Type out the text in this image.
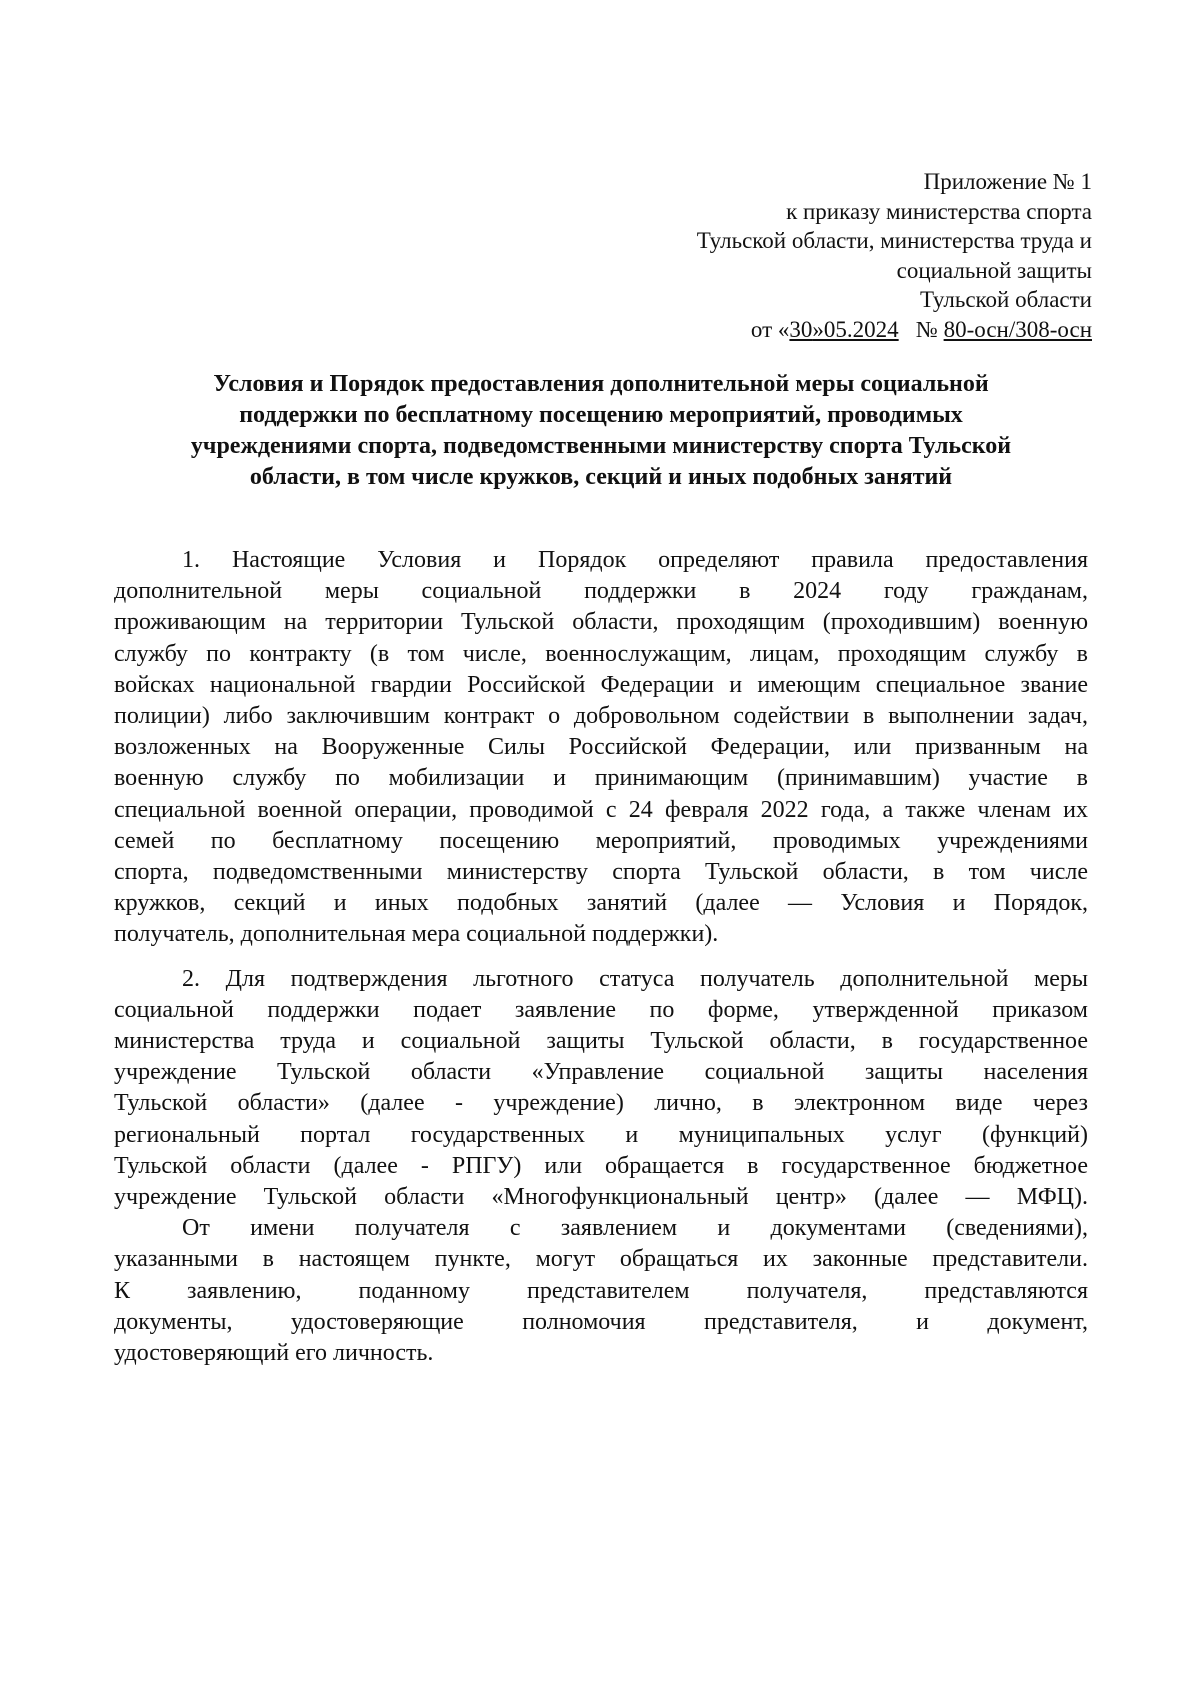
Приложение № 1
к приказу министерства спорта
Тульской области, министерства труда и
социальной защиты
Тульской области
от «30»05.2024 № 80-осн/308-осн
Условия и Порядок предоставления дополнительной меры социальной
поддержки по бесплатному посещению мероприятий, проводимых
учреждениями спорта, подведомственными министерству спорта Тульской
области, в том числе кружков, секций и иных подобных занятий

1. Настоящие Условия и Порядок определяют правила предоставления
дополнительной меры социальной поддержки в 2024 году гражданам,
проживающим на территории Тульской области, проходящим (проходившим) военную
службу по контракту (в том числе, военнослужащим, лицам, проходящим службу в
войсках национальной гвардии Российской Федерации и имеющим специальное звание
полиции) либо заключившим контракт о добровольном содействии в выполнении задач,
возложенных на Вооруженные Силы Российской Федерации, или призванным на
военную службу по мобилизации и принимающим (принимавшим) участие в
специальной военной операции, проводимой с 24 февраля 2022 года, а также членам их
семей по бесплатному посещению мероприятий, проводимых учреждениями
спорта, подведомственными министерству спорта Тульской области, в том числе
кружков, секций и иных подобных занятий (далее — Условия и Порядок,
получатель, дополнительная мера социальной поддержки).

2. Для подтверждения льготного статуса получатель дополнительной меры
социальной поддержки подает заявление по форме, утвержденной приказом
министерства труда и социальной защиты Тульской области, в государственное
учреждение Тульской области «Управление социальной защиты населения
Тульской области» (далее - учреждение) лично, в электронном виде через
региональный портал государственных и муниципальных услуг (функций)
Тульской области (далее - РПГУ) или обращается в государственное бюджетное
учреждение Тульской области «Многофункциональный центр» (далее — МФЦ).

От имени получателя с заявлением и документами (сведениями),
указанными в настоящем пункте, могут обращаться их законные представители.
К заявлению, поданному представителем получателя, представляются
документы, удостоверяющие полномочия представителя, и документ,
удостоверяющий его личность.
